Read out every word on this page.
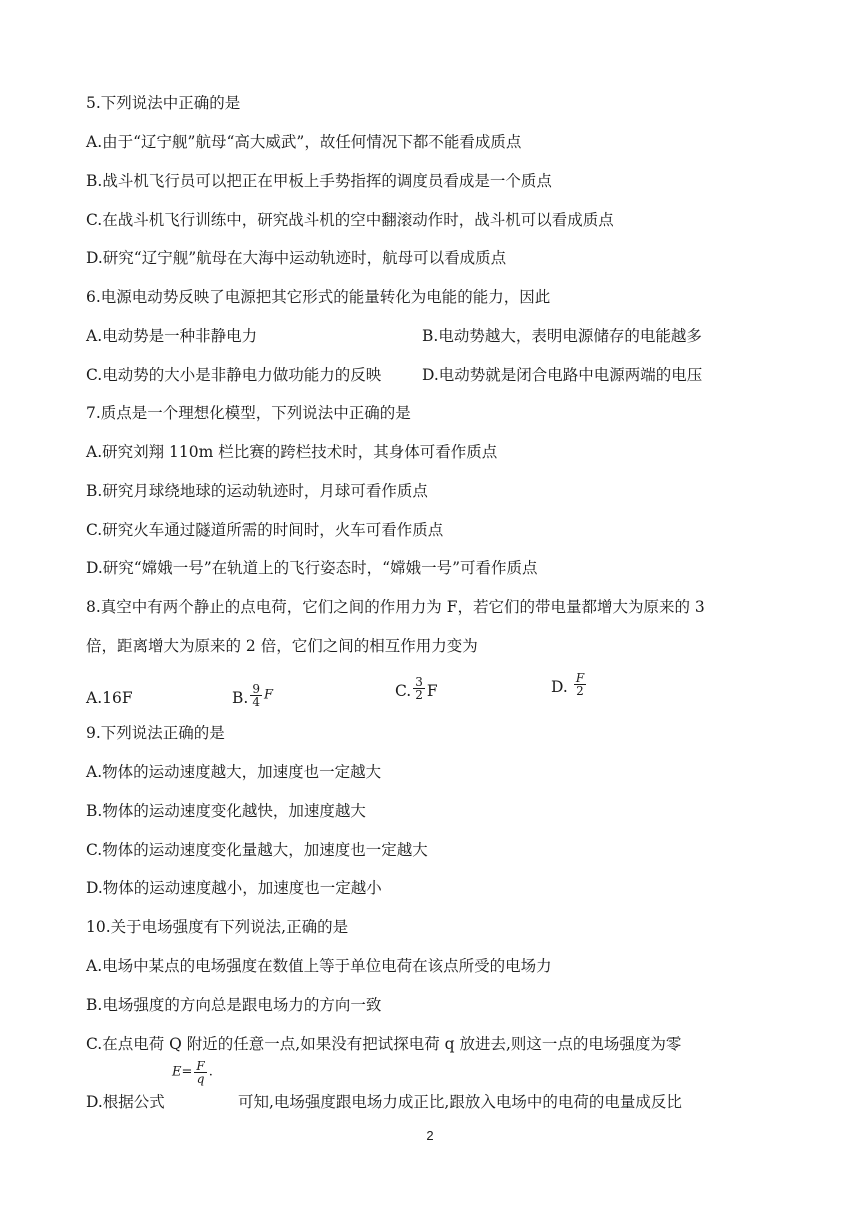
5.下列说法中正确的是
A.由于“辽宁舰”航母“高大威武”，故任何情况下都不能看成质点
B.战斗机飞行员可以把正在甲板上手势指挥的调度员看成是一个质点
C.在战斗机飞行训练中，研究战斗机的空中翻滚动作时，战斗机可以看成质点
D.研究“辽宁舰”航母在大海中运动轨迹时，航母可以看成质点
6.电源电动势反映了电源把其它形式的能量转化为电能的能力，因此
A.电动势是一种非静电力	B.电动势越大，表明电源储存的电能越多
C.电动势的大小是非静电力做功能力的反映	D.电动势就是闭合电路中电源两端的电压
7.质点是一个理想化模型，下列说法中正确的是
A.研究刘翔 110m 栏比赛的跨栏技术时，其身体可看作质点
B.研究月球绕地球的运动轨迹时，月球可看作质点
C.研究火车通过隧道所需的时间时，火车可看作质点
D.研究“嫦娥一号”在轨道上的飞行姿态时，“嫦娥一号”可看作质点
8.真空中有两个静止的点电荷，它们之间的作用力为 F，若它们的带电量都增大为原来的 3
倍，距离增大为原来的 2 倍，它们之间的相互作用力变为
A.16F	B. $\frac{9}{4}$ F	C. $\frac{3}{2}$ F	D. $\frac{F}{2}$
9.下列说法正确的是
A.物体的运动速度越大，加速度也一定越大
B.物体的运动速度变化越快，加速度越大
C.物体的运动速度变化量越大，加速度也一定越大
D.物体的运动速度越小，加速度也一定越小
10.关于电场强度有下列说法,正确的是
A.电场中某点的电场强度在数值上等于单位电荷在该点所受的电场力
B.电场强度的方向总是跟电场力的方向一致
C.在点电荷 Q 附近的任意一点,如果没有把试探电荷 q 放进去,则这一点的电场强度为零
D.根据公式
$E= \frac{F}{q}$ .
可知,电场强度跟电场力成正比,跟放入电场中的电荷的电量成反比
2
